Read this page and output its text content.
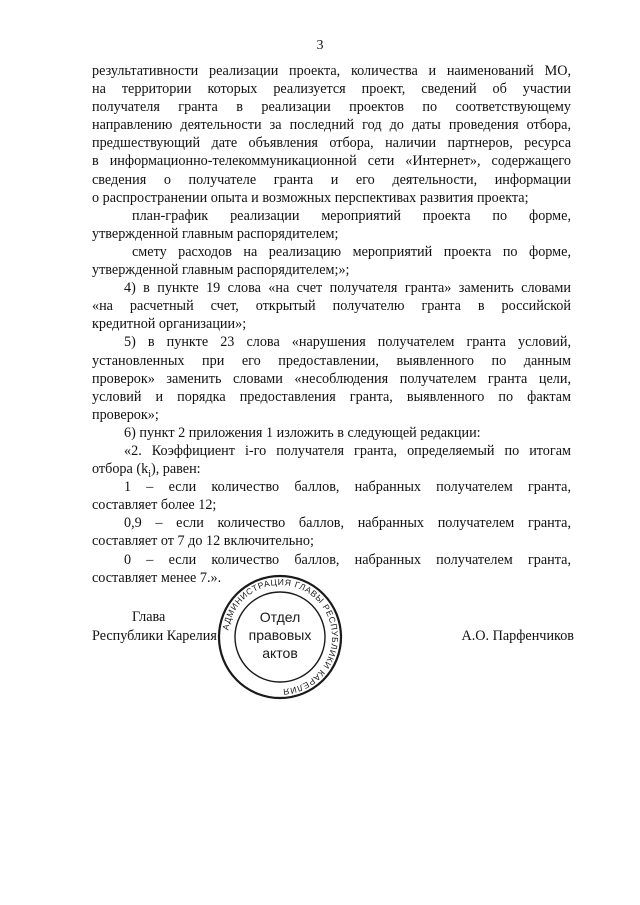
3

результативности реализации проекта, количества и наименований МО,

на территории которых реализуется проект, сведений об участии

получателя гранта в реализации проектов по соответствующему

направлению деятельности за последний год до даты проведения отбора,

предшествующий дате объявления отбора, наличии партнеров, ресурса

в информационно-телекоммуникационной сети «Интернет», содержащего

сведения о получателе гранта и его деятельности, информации

о распространении опыта и возможных перспективах развития проекта;

план-график реализации мероприятий проекта по форме,

утвержденной главным распорядителем;

смету расходов на реализацию мероприятий проекта по форме,

утвержденной главным распорядителем;»;

4) в пункте 19 слова «на счет получателя гранта» заменить словами

«на расчетный счет, открытый получателю гранта в российской

кредитной организации»;

5) в пункте 23 слова «нарушения получателем гранта условий,

установленных при его предоставлении, выявленного по данным

проверок» заменить словами «несоблюдения получателем гранта цели,

условий и порядка предоставления гранта, выявленного по фактам

проверок»;

6) пункт 2 приложения 1 изложить в следующей редакции:

«2. Коэффициент i-го получателя гранта, определяемый по итогам

отбора $(k_i)$, равен:

1 – если количество баллов, набранных получателем гранта,

составляет более 12;

0,9 – если количество баллов, набранных получателем гранта,

составляет от 7 до 12 включительно;

0 – если количество баллов, набранных получателем гранта,

составляет менее 7.».

Глава
Республики Карелия
АДМИНИСТРАЦИЯ ГЛАВЫ РЕСПУБЛИКИ КАРЕЛИЯ
Отдел
правовых
актов
А.О. Парфенчиков
